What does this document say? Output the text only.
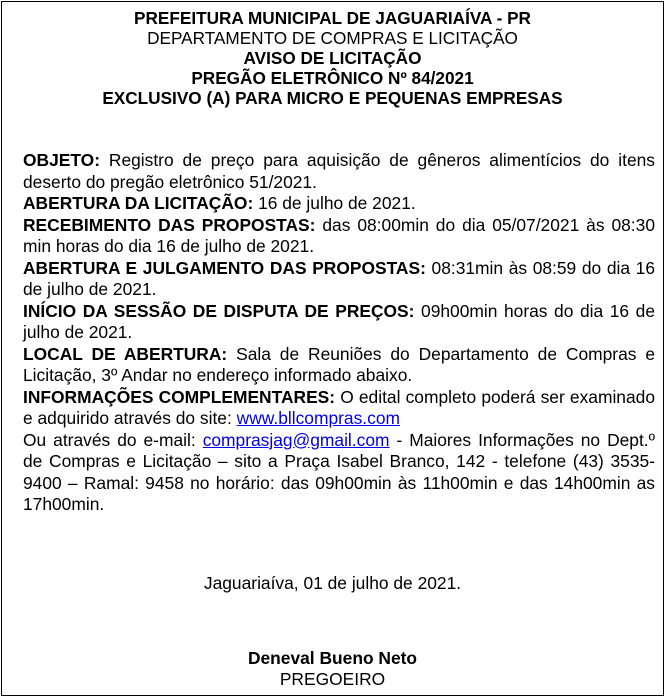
PREFEITURA MUNICIPAL DE JAGUARIAÍVA - PR
DEPARTAMENTO DE COMPRAS E LICITAÇÃO
AVISO DE LICITAÇÃO
PREGÃO ELETRÔNICO Nº 84/2021
EXCLUSIVO (A) PARA MICRO E PEQUENAS EMPRESAS

OBJETO: Registro de preço para aquisição de gêneros alimentícios do itens deserto do pregão eletrônico 51/2021.

ABERTURA DA LICITAÇÃO: 16 de julho de 2021.

RECEBIMENTO DAS PROPOSTAS: das 08:00min do dia 05/07/2021 às 08:30 min horas do dia 16 de julho de 2021.

ABERTURA E JULGAMENTO DAS PROPOSTAS: 08:31min às 08:59 do dia 16 de julho de 2021.

INÍCIO DA SESSÃO DE DISPUTA DE PREÇOS: 09h00min horas do dia 16 de julho de 2021.

LOCAL DE ABERTURA: Sala de Reuniões do Departamento de Compras e Licitação, 3º Andar no endereço informado abaixo.

INFORMAÇÕES COMPLEMENTARES: O edital completo poderá ser examinado e adquirido através do site: www.bllcompras.com

Ou através do e-mail: comprasjag@gmail.com - Maiores Informações no Dept.º de Compras e Licitação – sito a Praça Isabel Branco, 142 - telefone (43) 3535-9400 – Ramal: 9458 no horário: das 09h00min às 11h00min e das 14h00min as 17h00min.

Jaguariaíva, 01 de julho de 2021.
Deneval Bueno Neto
PREGOEIRO
